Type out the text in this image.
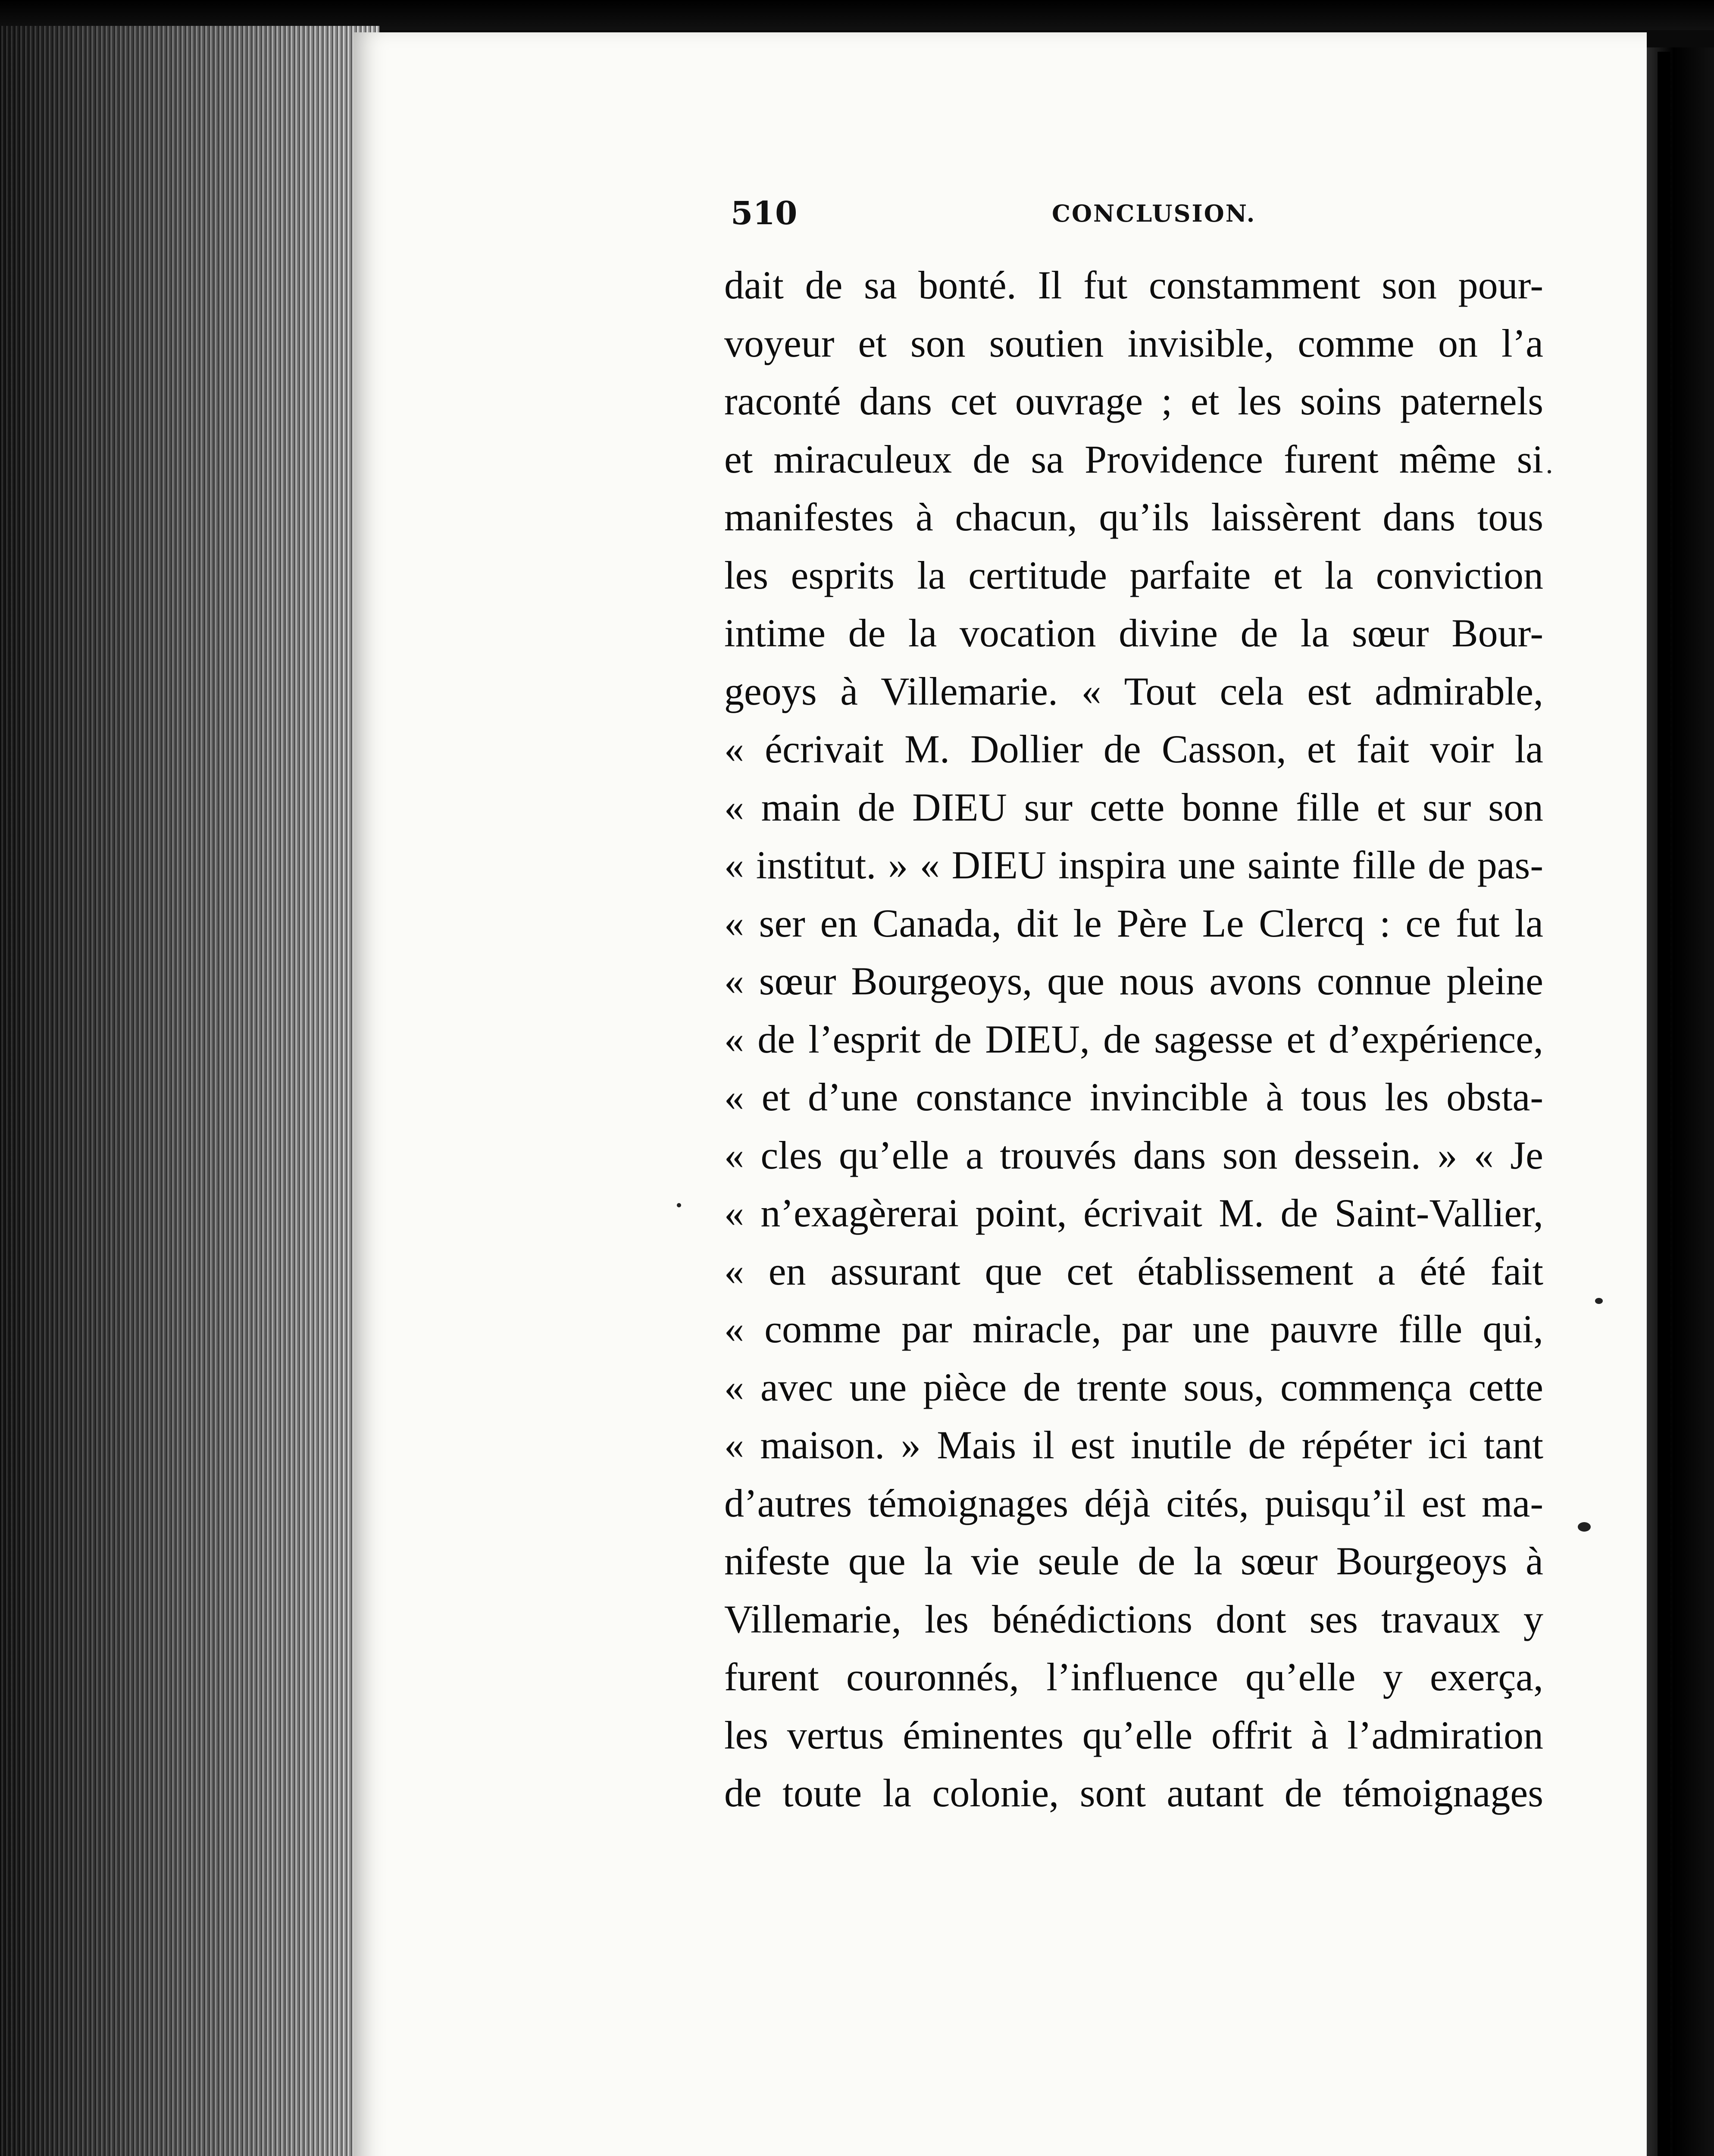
510	CONCLUSION.
dait de sa bonté. Il fut constamment son pour-
voyeur et son soutien invisible, comme on l’a
raconté dans cet ouvrage ; et les soins paternels
et miraculeux de sa Providence furent même si
manifestes à chacun, qu’ils laissèrent dans tous
les esprits la certitude parfaite et la conviction
intime de la vocation divine de la sœur Bour-
geoys à Villemarie. « Tout cela est admirable,
« écrivait M. Dollier de Casson, et fait voir la
« main de DIEU sur cette bonne fille et sur son
« institut. » « DIEU inspira une sainte fille de pas-
« ser en Canada, dit le Père Le Clercq : ce fut la
« sœur Bourgeoys, que nous avons connue pleine
« de l’esprit de DIEU, de sagesse et d’expérience,
« et d’une constance invincible à tous les obsta-
« cles qu’elle a trouvés dans son dessein. » « Je
« n’exagèrerai point, écrivait M. de Saint-Vallier,
« en assurant que cet établissement a été fait
« comme par miracle, par une pauvre fille qui,
« avec une pièce de trente sous, commença cette
« maison. » Mais il est inutile de répéter ici tant
d’autres témoignages déjà cités, puisqu’il est ma-
nifeste que la vie seule de la sœur Bourgeoys à
Villemarie, les bénédictions dont ses travaux y
furent couronnés, l’influence qu’elle y exerça,
les vertus éminentes qu’elle offrit à l’admiration
de toute la colonie, sont autant de témoignages
